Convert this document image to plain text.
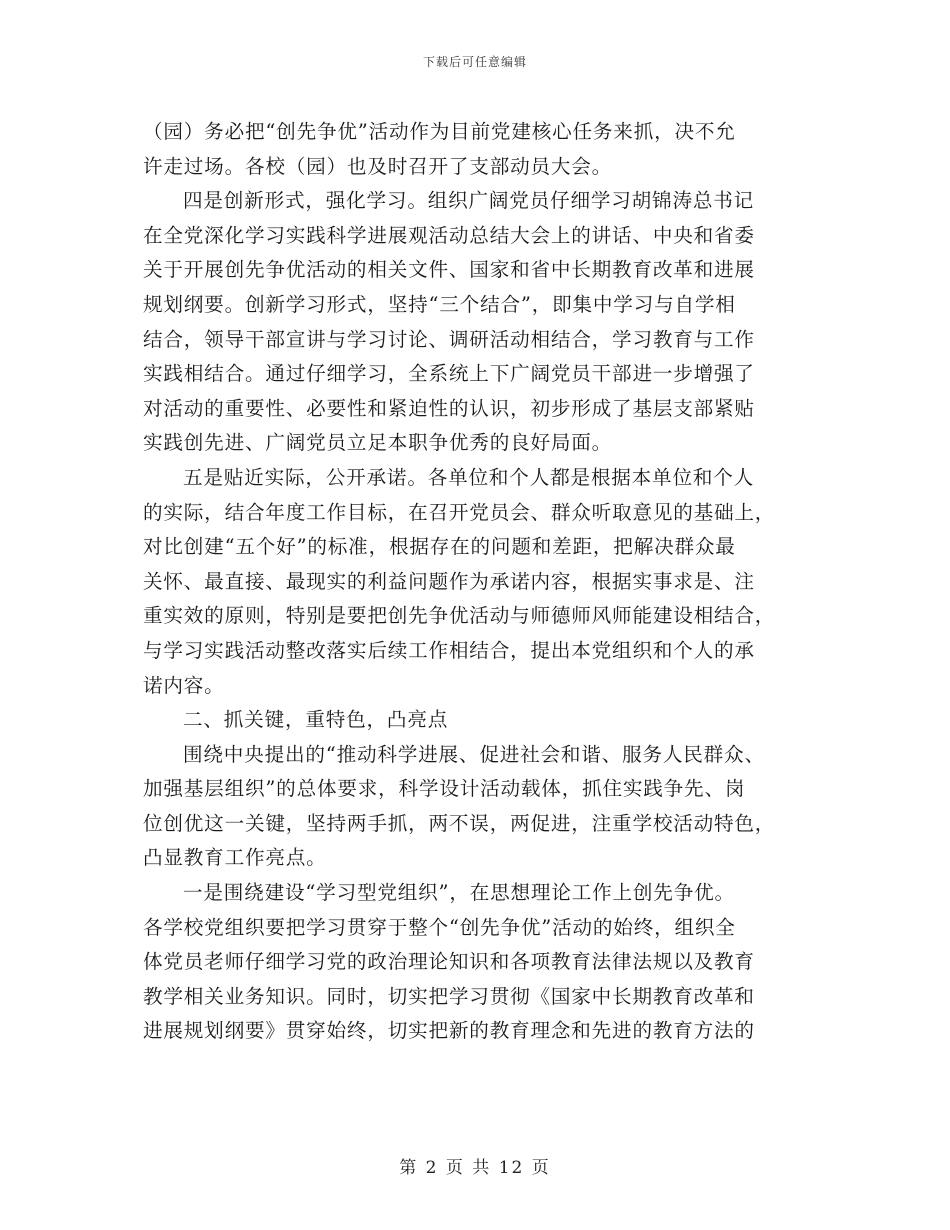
下载后可任意编辑
（园）务必把“创先争优”活动作为目前党建核心任务来抓，决不允
许走过场。各校（园）也及时召开了支部动员大会。
四是创新形式，强化学习。组织广阔党员仔细学习胡锦涛总书记
在全党深化学习实践科学进展观活动总结大会上的讲话、中央和省委
关于开展创先争优活动的相关文件、国家和省中长期教育改革和进展
规划纲要。创新学习形式，坚持“三个结合”，即集中学习与自学相
结合，领导干部宣讲与学习讨论、调研活动相结合，学习教育与工作
实践相结合。通过仔细学习，全系统上下广阔党员干部进一步增强了
对活动的重要性、必要性和紧迫性的认识，初步形成了基层支部紧贴
实践创先进、广阔党员立足本职争优秀的良好局面。
五是贴近实际，公开承诺。各单位和个人都是根据本单位和个人
的实际，结合年度工作目标，在召开党员会、群众听取意见的基础上，
对比创建“五个好”的标准，根据存在的问题和差距，把解决群众最
关怀、最直接、最现实的利益问题作为承诺内容，根据实事求是、注
重实效的原则，特别是要把创先争优活动与师德师风师能建设相结合，
与学习实践活动整改落实后续工作相结合，提出本党组织和个人的承
诺内容。
二、抓关键，重特色，凸亮点
围绕中央提出的“推动科学进展、促进社会和谐、服务人民群众、
加强基层组织”的总体要求，科学设计活动载体，抓住实践争先、岗
位创优这一关键，坚持两手抓，两不误，两促进，注重学校活动特色，
凸显教育工作亮点。
一是围绕建设“学习型党组织”，在思想理论工作上创先争优。
各学校党组织要把学习贯穿于整个“创先争优”活动的始终，组织全
体党员老师仔细学习党的政治理论知识和各项教育法律法规以及教育
教学相关业务知识。同时，切实把学习贯彻《国家中长期教育改革和
进展规划纲要》贯穿始终，切实把新的教育理念和先进的教育方法的
第 2 页 共 12 页
